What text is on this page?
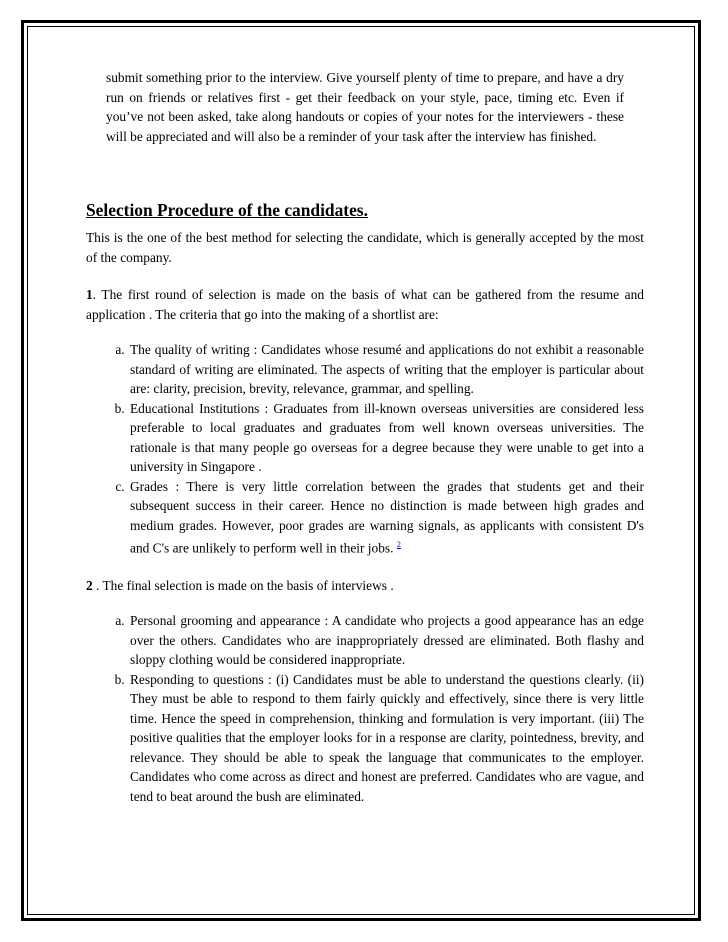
submit something prior to the interview. Give yourself plenty of time to prepare, and have a dry run on friends or relatives first - get their feedback on your style, pace, timing etc. Even if you’ve not been asked, take along handouts or copies of your notes for the interviewers - these will be appreciated and will also be a reminder of your task after the interview has finished.

Selection Procedure of the candidates.

This is the one of the best method for selecting the candidate, which is generally accepted by the most of the company.

1. The first round of selection is made on the basis of what can be gathered from the resume and application . The criteria that go into the making of a shortlist are:

a. The quality of writing : Candidates whose resumé and applications do not exhibit a reasonable standard of writing are eliminated. The aspects of writing that the employer is particular about are: clarity, precision, brevity, relevance, grammar, and spelling.
b. Educational Institutions : Graduates from ill-known overseas universities are considered less preferable to local graduates and graduates from well known overseas universities. The rationale is that many people go overseas for a degree because they were unable to get into a university in Singapore .
c. Grades : There is very little correlation between the grades that students get and their subsequent success in their career. Hence no distinction is made between high grades and medium grades. However, poor grades are warning signals, as applicants with consistent D's and C's are unlikely to perform well in their jobs. $^2$

2 . The final selection is made on the basis of interviews .

a. Personal grooming and appearance : A candidate who projects a good appearance has an edge over the others. Candidates who are inappropriately dressed are eliminated. Both flashy and sloppy clothing would be considered inappropriate.
b. Responding to questions : (i) Candidates must be able to understand the questions clearly. (ii) They must be able to respond to them fairly quickly and effectively, since there is very little time. Hence the speed in comprehension, thinking and formulation is very important. (iii) The positive qualities that the employer looks for in a response are clarity, pointedness, brevity, and relevance. They should be able to speak the language that communicates to the employer. Candidates who come across as direct and honest are preferred. Candidates who are vague, and tend to beat around the bush are eliminated.
